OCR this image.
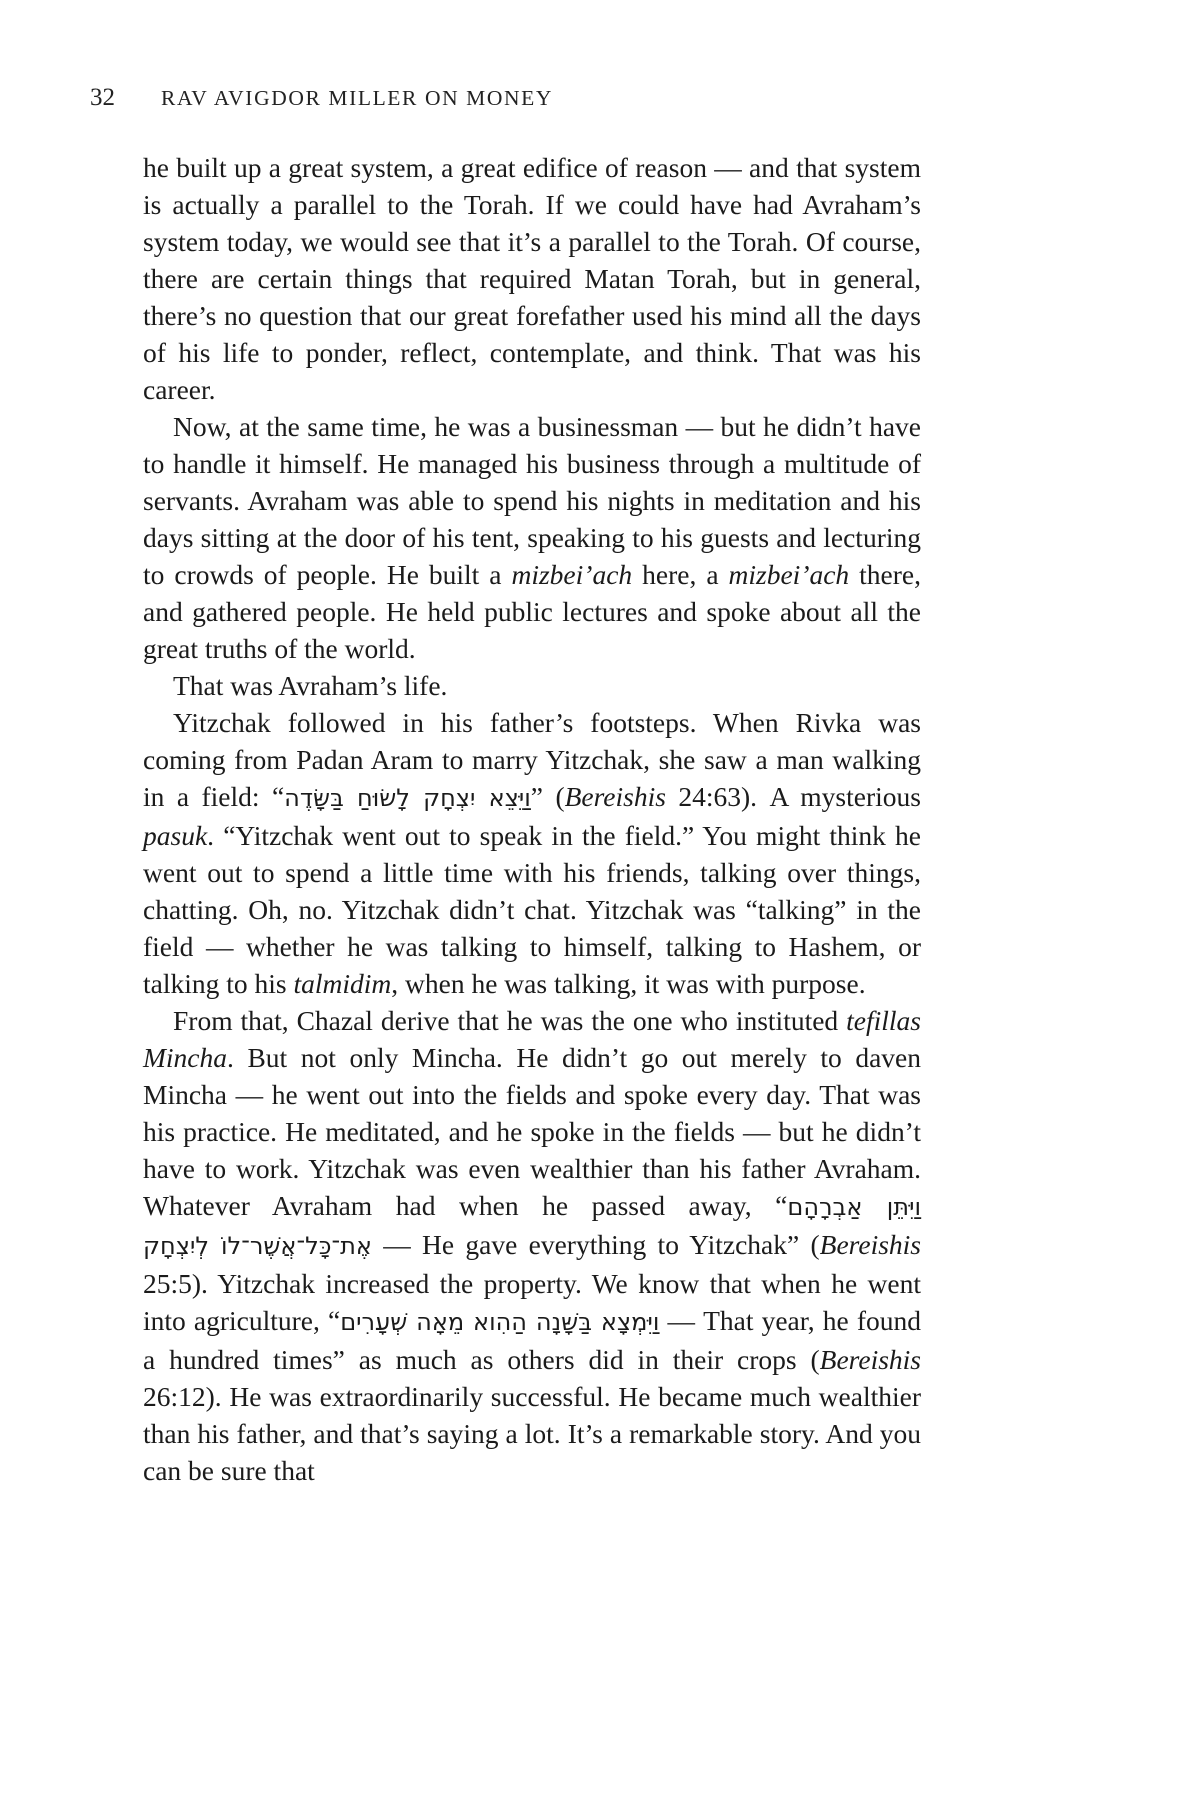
32 RAV AVIGDOR MILLER ON MONEY

he built up a great system, a great edifice of reason — and that system is actually a parallel to the Torah. If we could have had Avraham’s system today, we would see that it’s a parallel to the Torah. Of course, there are certain things that required Matan Torah, but in general, there’s no question that our great forefather used his mind all the days of his life to ponder, reflect, contemplate, and think. That was his career.

Now, at the same time, he was a businessman — but he didn’t have to handle it himself. He managed his business through a multitude of servants. Avraham was able to spend his nights in meditation and his days sitting at the door of his tent, speaking to his guests and lecturing to crowds of people. He built a mizbei’ach here, a mizbei’ach there, and gathered people. He held public lectures and spoke about all the great truths of the world.

That was Avraham’s life.

Yitzchak followed in his father’s footsteps. When Rivka was coming from Padan Aram to marry Yitzchak, she saw a man walking in a field: “וַיֵּצֵא יִצְחָק לָשׂוּחַ בַּשָּׂדֶה” (Bereishis 24:63). A mysterious pasuk. “Yitzchak went out to speak in the field.” You might think he went out to spend a little time with his friends, talking over things, chatting. Oh, no. Yitzchak didn’t chat. Yitzchak was “talking” in the field — whether he was talking to himself, talking to Hashem, or talking to his talmidim, when he was talking, it was with purpose.

From that, Chazal derive that he was the one who instituted tefillas Mincha. But not only Mincha. He didn’t go out merely to daven Mincha — he went out into the fields and spoke every day. That was his practice. He meditated, and he spoke in the fields — but he didn’t have to work. Yitzchak was even wealthier than his father Avraham. Whatever Avraham had when he passed away, “וַיִּתֵּן אַבְרָהָם אֶת־כָּל־אֲשֶׁר־לוֹ לְיִצְחָק — He gave everything to Yitzchak” (Bereishis 25:5). Yitzchak increased the property. We know that when he went into agriculture, “וַיִּמְצָא בַּשָּׁנָה הַהִוא מֵאָה שְׁעָרִים — That year, he found a hundred times” as much as others did in their crops (Bereishis 26:12). He was extraordinarily successful. He became much wealthier than his father, and that’s saying a lot. It’s a remarkable story. And you can be sure that
